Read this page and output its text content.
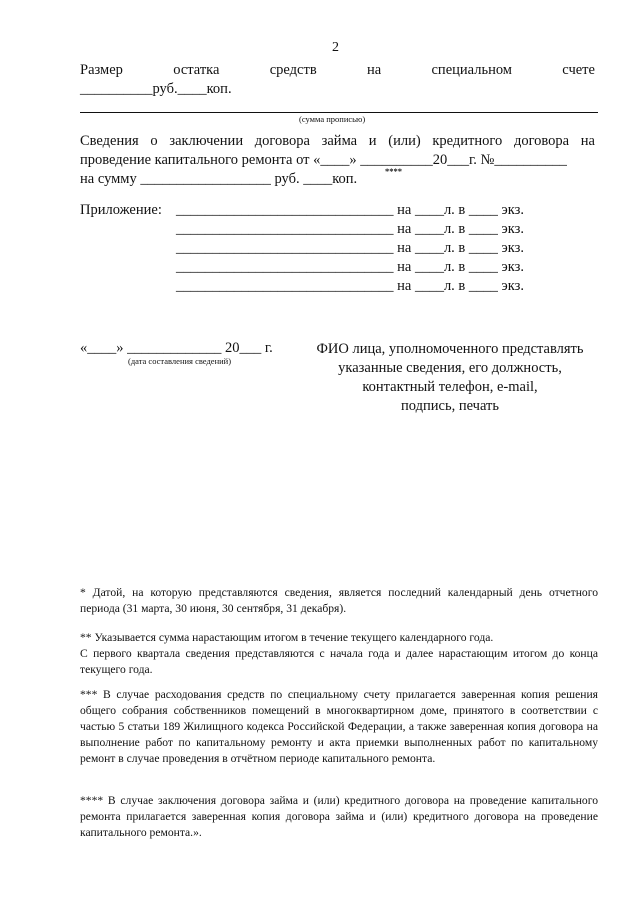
2
Размер	остатка	средств	на	специальном	счете
__________руб.____коп.
(сумма прописью)
Сведения о заключении договора займа и (или) кредитного договора на
проведение капитального ремонта от «____» __________20___г. №__________
на сумму __________________ руб. ____коп.	****
Приложение: ______________________________ на ____л. в ____ экз.
______________________________ на ____л. в ____ экз.
______________________________ на ____л. в ____ экз.
______________________________ на ____л. в ____ экз.
______________________________ на ____л. в ____ экз.
«____» _____________ 20___ г.
(дата составления сведений)
ФИО лица, уполномоченного представлять
указанные сведения, его должность,
контактный телефон, e-mail,
подпись, печать

* Датой, на которую представляются сведения, является последний календарный день отчетного периода (31 марта, 30 июня, 30 сентября, 31 декабря).

** Указывается сумма нарастающим итогом в течение текущего календарного года.

С первого квартала сведения представляются с начала года и далее нарастающим итогом до конца текущего года.

*** В случае расходования средств по специальному счету прилагается заверенная копия решения общего собрания собственников помещений в многоквартирном доме, принятого в соответствии с частью 5 статьи 189 Жилищного кодекса Российской Федерации, а также заверенная копия договора на выполнение работ по капитальному ремонту и акта приемки выполненных работ по капитальному ремонт в случае проведения в отчётном периоде капитального ремонта.

**** В случае заключения договора займа и (или) кредитного договора на проведение капитального ремонта прилагается заверенная копия договора займа и (или) кредитного договора на проведение капитального ремонта.».
